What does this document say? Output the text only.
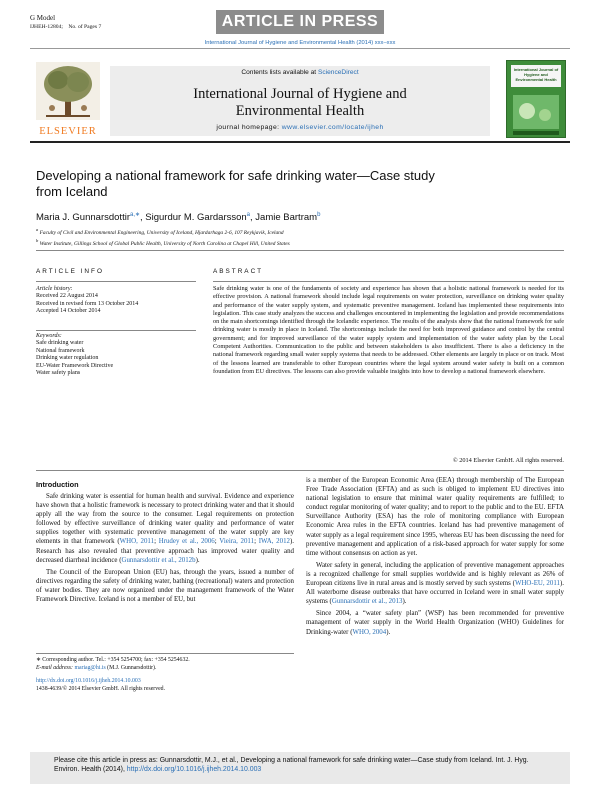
G Model
IJHEH-12804; No. of Pages 7	ARTICLE IN PRESS
International Journal of Hygiene and Environmental Health (2014) xxx–xxx
Contents lists available at ScienceDirect
International Journal of Hygiene and
Environmental Health
journal homepage: www.elsevier.com/locate/ijheh
ELSEVIER
International Journal of Hygiene and Environmental Health
Developing a national framework for safe drinking water—Case study
from Iceland
Maria J. Gunnarsdottir$^{a,∗}$, Sigurdur M. Gardarsson$^a$, Jamie Bartram$^b$
$^a$ Faculty of Civil and Environmental Engineering, University of Iceland, Hjardarhaga 2-6, 107 Reykjavik, Iceland
$^b$ Water Institute, Gillings School of Global Public Health, University of North Carolina at Chapel Hill, United States
ARTICLE INFO
Article history:
Received 22 August 2014
Received in revised form 13 October 2014
Accepted 14 October 2014
Keywords:
Safe drinking water
National framework
Drinking water regulation
EU-Water Framework Directive
Water safety plans
ABSTRACT
Safe drinking water is one of the fundaments of society and experience has shown that a holistic national framework is needed for its effective provision. A national framework should include legal requirements on water protection, surveillance on drinking water quality and performance of the water supply system, and systematic preventive management. Iceland has implemented these requirements into legislation. This case study analyzes the success and challenges encountered in implementing the legislation and provide recommendations on the main shortcomings identified through the Icelandic experience. The results of the analysis show that the national framework for safe drinking water is mostly in place in Iceland. The shortcomings include the need for both improved guidance and control by the central government; and for improved surveillance of the water supply system and implementation of the water safety plan by the Local Competent Authorities. Communication to the public and between stakeholders is also insufficient. There is also a deficiency in the national framework regarding small water supply systems that needs to be addressed. Other elements are largely in place or on track. Most of the lessons learned are transferable to other European countries where the legal system around water safety is built on a common foundation from EU directives. The lessons can also provide valuable insights into how to develop a national framework elsewhere.
© 2014 Elsevier GmbH. All rights reserved.
Introduction

Safe drinking water is essential for human health and survival. Evidence and experience have shown that a holistic framework is necessary to protect drinking water and that it should apply all the way from the source to the consumer. Legal requirements on protection followed by effective surveillance of drinking water quality and performance of water supplies together with systematic preventive management of the water supply are key elements in that framework (WHO, 2011; Hrudey et al., 2006; Vieira, 2011; IWA, 2012). Research has also revealed that preventive approach has improved water quality and decreased diarrheal incidence (Gunnarsdottir et al., 2012b).

The Council of the European Union (EU) has, through the years, issued a number of directives regarding the safety of drinking water, bathing (recreational) waters and protection of water bodies. They are now organized under the management framework of the Water Framework Directive. Iceland is not a member of EU, but

is a member of the European Economic Area (EEA) through membership of The European Free Trade Association (EFTA) and as such is obliged to implement EU directives into national legislation to ensure that minimal water quality requirements are fulfilled; to conduct regular monitoring of water quality; and to report to the public and to the EU. EFTA Surveillance Authority (ESA) has the role of monitoring compliance with European Economic Area rules in the EFTA countries. Iceland has had preventive management of water supply as a legal requirement since 1995, whereas EU has been discussing the need for preventive management and application of a risk-based approach for water supply for some time without consensus on action as yet.

Water safety in general, including the application of preventive management approaches is a recognized challenge for small supplies worldwide and is highly relevant as 26% of European citizens live in rural areas and is mostly served by such systems (WHO-EU, 2011). All waterborne disease outbreaks that have occurred in Iceland were in small water supply systems (Gunnarsdottir et al., 2013).

Since 2004, a “water safety plan” (WSP) has been recommended for preventive management of water supply in the World Health Organization (WHO) Guidelines for Drinking-water (WHO, 2004).

∗ Corresponding author. Tel.: +354 5254700; fax: +354 5254632.
E-mail address: mariag@hi.is (M.J. Gunnarsdottir).
http://dx.doi.org/10.1016/j.ijheh.2014.10.003
1438-4639/© 2014 Elsevier GmbH. All rights reserved.
Please cite this article in press as: Gunnarsdottir, M.J., et al., Developing a national framework for safe drinking water—Case study from Iceland. Int. J. Hyg. Environ. Health (2014), http://dx.doi.org/10.1016/j.ijheh.2014.10.003
